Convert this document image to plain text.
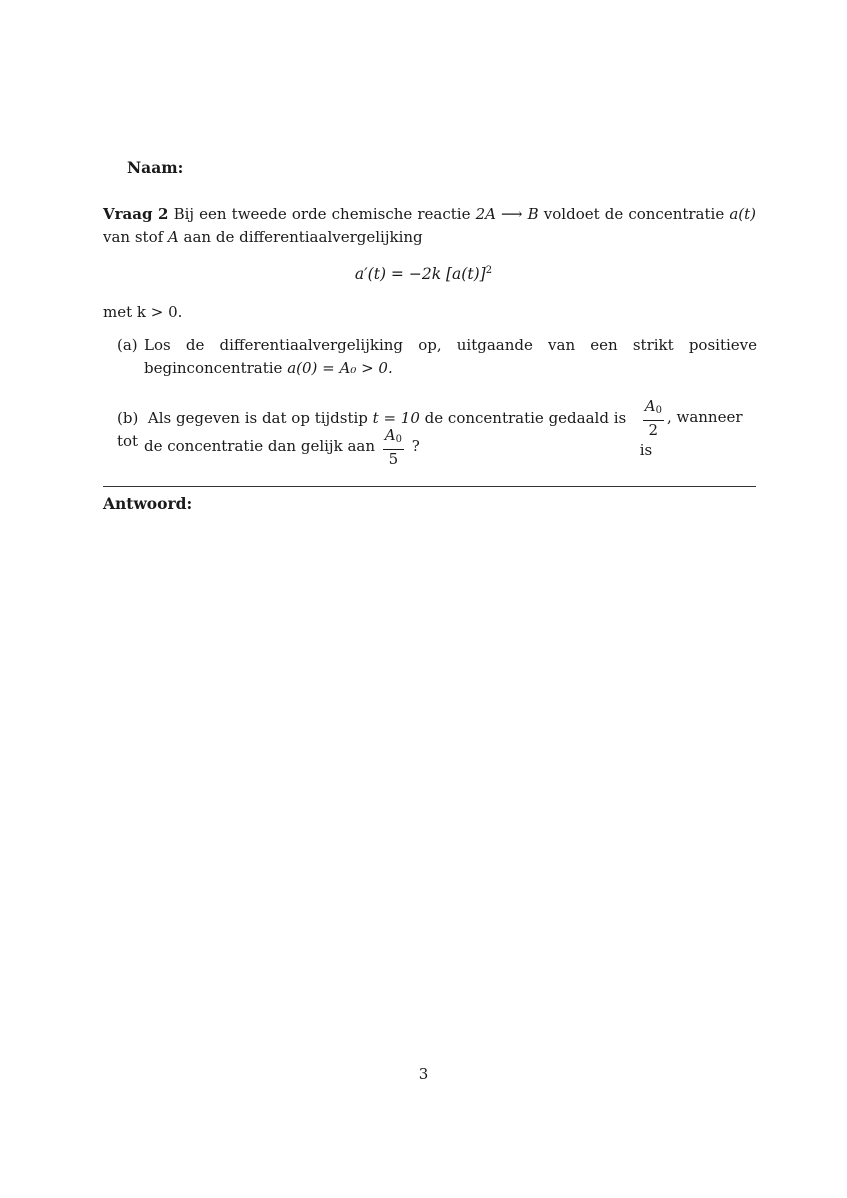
Naam:
Vraag 2 Bij een tweede orde chemische reactie 2A ⟶ B voldoet de concentratie a(t) van stof A aan de differentiaalvergelijking
a′(t) = −2k $[a(t)]^2$
met k > 0.
(a) Los de differentiaalvergelijking op, uitgaande van een strikt positieve beginconcentratie a(0) = A₀ > 0.
(b) Als gegeven is dat op tijdstip t = 10 de concentratie gedaald is tot
$\frac{A_0}{2}$ , wanneer is
de concentratie dan gelijk aan $\frac{A_0}{5}$ ?
Antwoord:
3
